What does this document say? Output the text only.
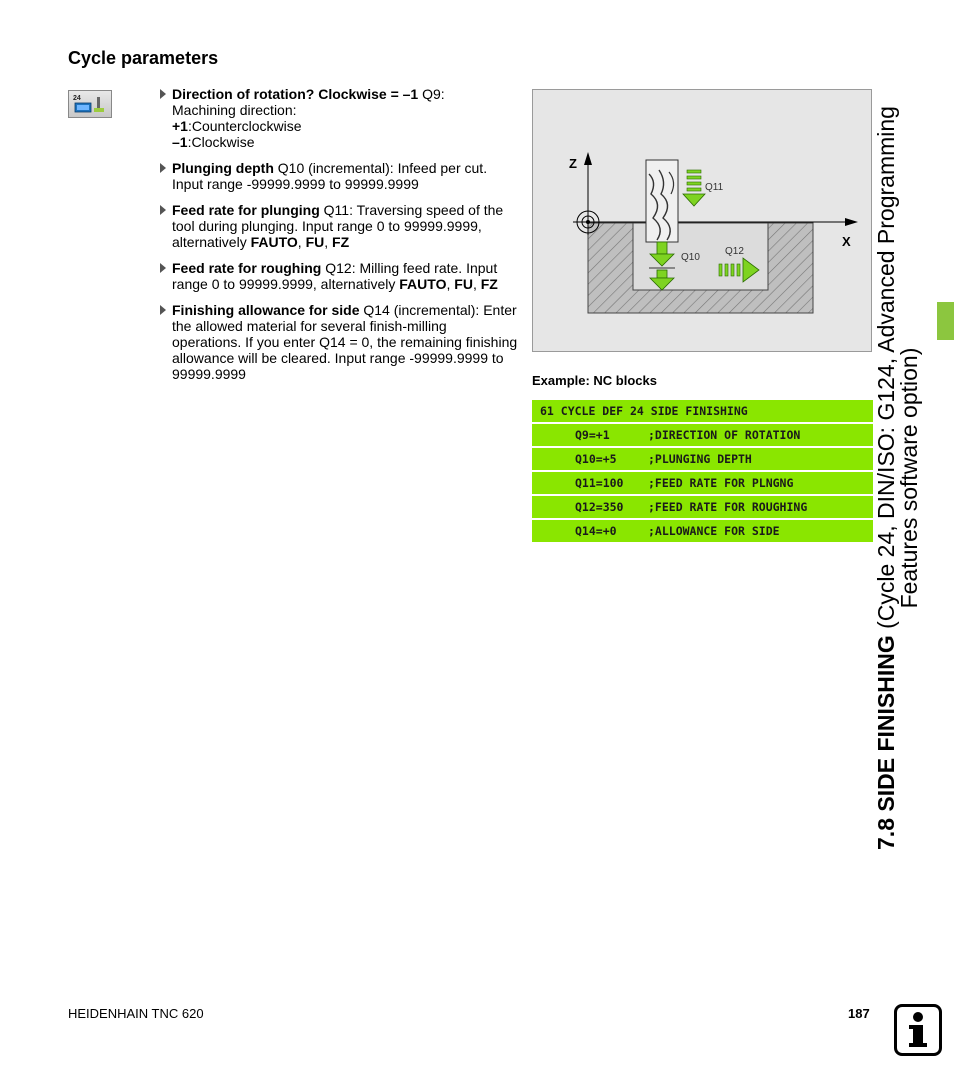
Cycle parameters
24	Direction of rotation? Clockwise = –1 Q9:

Machining direction:

+1:Counterclockwise

–1:Clockwise

Plunging depth Q10 (incremental): Infeed per cut. Input range -99999.9999 to 99999.9999

Feed rate for plunging Q11: Traversing speed of the tool during plunging. Input range 0 to 99999.9999, alternatively FAUTO, FU, FZ

Feed rate for roughing Q12: Milling feed rate. Input range 0 to 99999.9999, alternatively FAUTO, FU, FZ

Finishing allowance for side Q14 (incremental): Enter the allowed material for several finish-milling operations. If you enter Q14 = 0, the remaining finishing allowance will be cleared. Input range -99999.9999 to 99999.9999

Z
X
Q11
Q10
Q12
Example: NC blocks
61 CYCLE DEF 24 SIDE FINISHING
Q9=+1	;DIRECTION OF ROTATION
Q10=+5	;PLUNGING DEPTH
Q11=100 ;FEED RATE FOR PLNGNG
Q12=350 ;FEED RATE FOR ROUGHING
Q14=+0	;ALLOWANCE FOR SIDE
7.8 SIDE FINISHING (Cycle 24, DIN/ISO: G124, Advanced Programming
Features software option)
HEIDENHAIN TNC 620	187
